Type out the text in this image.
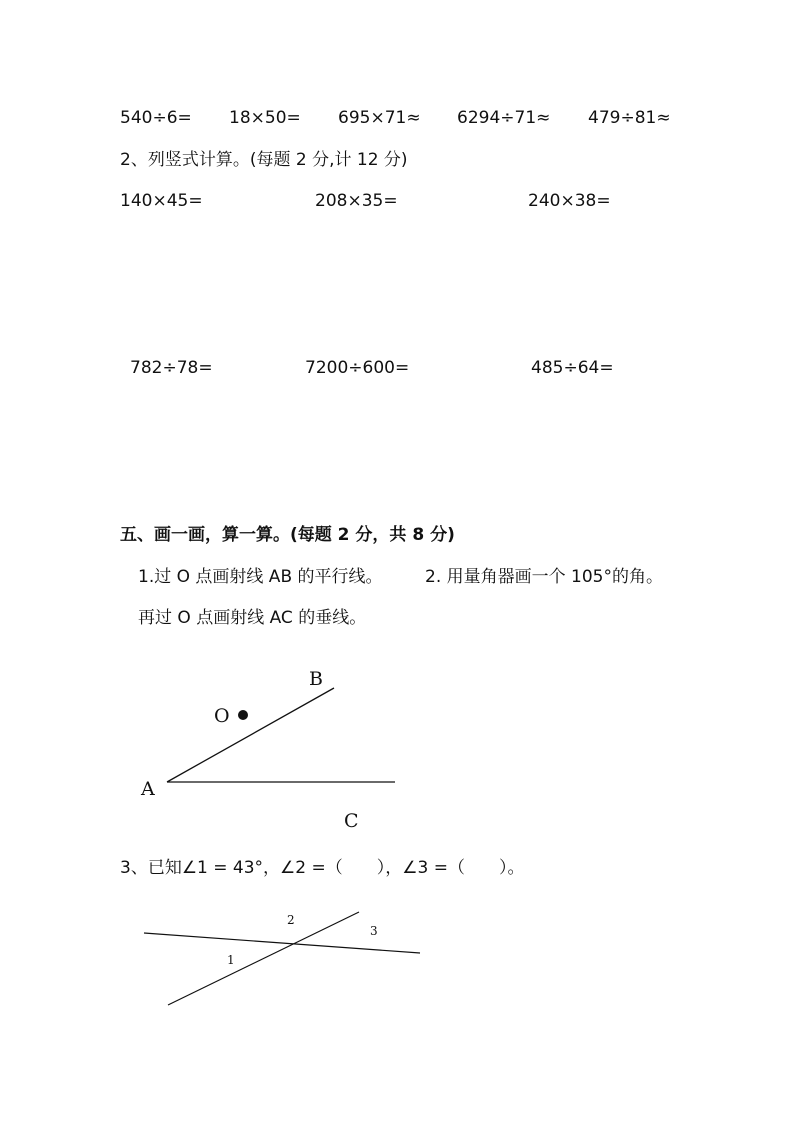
540÷6= 18×50= 695×71≈ 6294÷71≈ 479÷81≈
2、列竖式计算。(每题 2 分,计 12 分)
140×45=	208×35=	240×38=
782÷78=	7200÷600=	485÷64=
五、画一画，算一算。(每题 2 分，共 8 分)
1.过 O 点画射线 AB 的平行线。 2. 用量角器画一个 105°的角。
再过 O 点画射线 AC 的垂线。
A
B
C
O
3、已知∠1 = 43°，∠2 =（　　），∠3 =（　　）。
1
2
3
